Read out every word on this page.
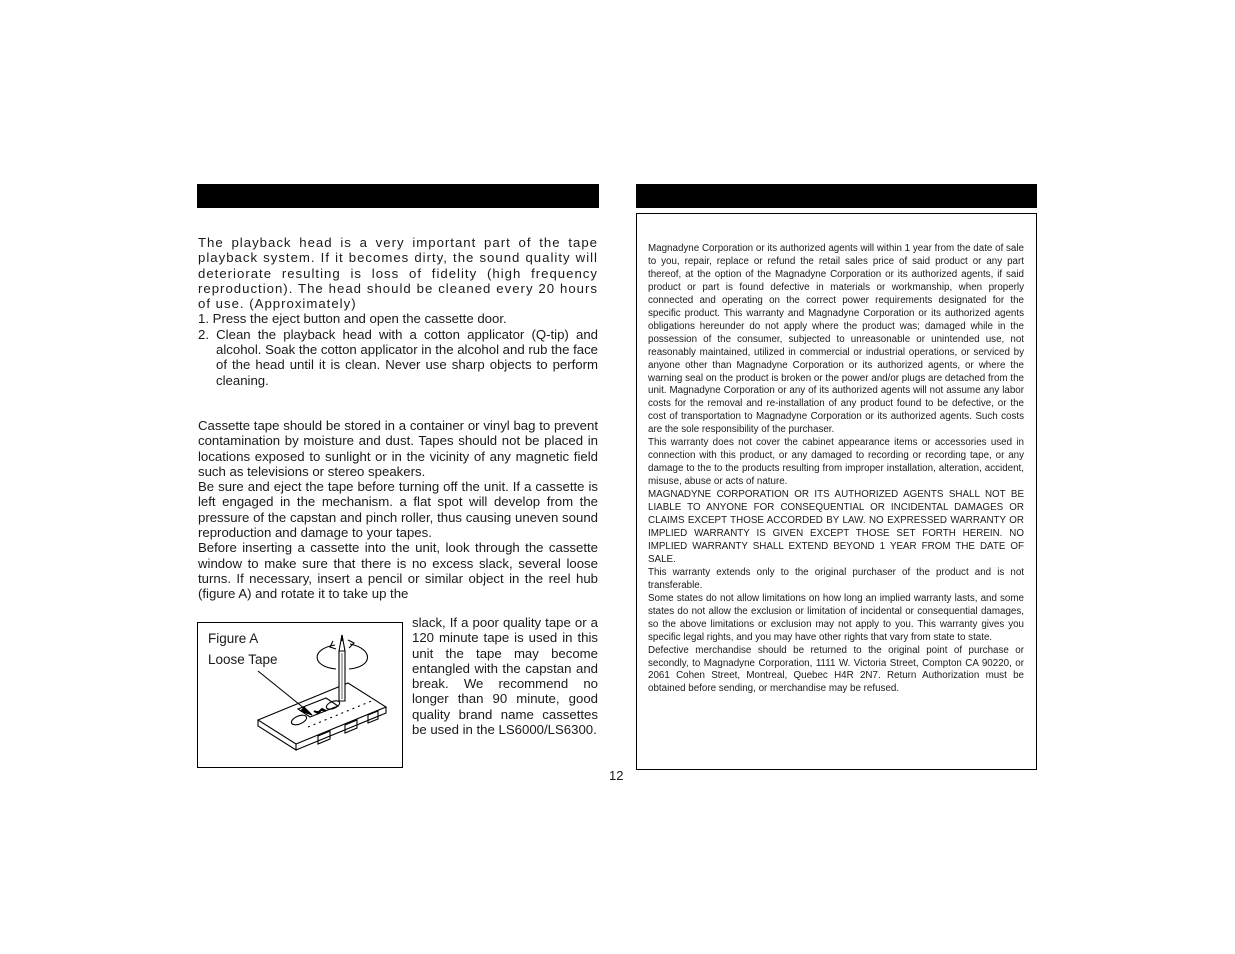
The playback head is a very important part of the tape playback system. If it becomes dirty, the sound quality will deteriorate resulting is loss of fidelity (high frequency reproduction). The head should be cleaned every 20 hours of use. (Approximately)

1. Press the eject button and open the cassette door.

2. Clean the playback head with a cotton applicator (Q-tip) and alcohol. Soak the cotton applicator in the alcohol and rub the face of the head until it is clean. Never use sharp objects to perform cleaning.

Cassette tape should be stored in a container or vinyl bag to prevent contamination by moisture and dust. Tapes should not be placed in locations exposed to sunlight or in the vicinity of any magnetic field such as televisions or stereo speakers.

Be sure and eject the tape before turning off the unit. If a cassette is left engaged in the mechanism. a flat spot will develop from the pressure of the capstan and pinch roller, thus causing uneven sound reproduction and damage to your tapes.

Before inserting a cassette into the unit, look through the cassette window to make sure that there is no excess slack, several loose turns. If necessary, insert a pencil or similar object in the reel hub (figure A) and rotate it to take up the

Figure A
Loose Tape

slack, If a poor quality tape or a 120 minute tape is used in this unit the tape may become entangled with the capstan and break. We recommend no longer than 90 minute, good quality brand name cassettes be used in the LS6000/LS6300.

12

Magnadyne Corporation or its authorized agents will within 1 year from the date of sale to you, repair, replace or refund the retail sales price of said product or any part thereof, at the option of the Magnadyne Corporation or its authorized agents, if said product or part is found defective in materials or workmanship, when properly connected and operating on the correct power requirements designated for the specific product. This warranty and Magnadyne Corporation or its authorized agents obligations hereunder do not apply where the product was; damaged while in the possession of the consumer, subjected to unreasonable or unintended use, not reasonably maintained, utilized in commercial or industrial operations, or serviced by anyone other than Magnadyne Corporation or its authorized agents, or where the warning seal on the product is broken or the power and/or plugs are detached from the unit. Magnadyne Corporation or any of its authorized agents will not assume any labor costs for the removal and re-installation of any product found to be defective, or the cost of transportation to Magnadyne Corporation or its authorized agents. Such costs are the sole responsibility of the purchaser.

This warranty does not cover the cabinet appearance items or accessories used in connection with this product, or any damaged to recording or recording tape, or any damage to the to the products resulting from improper installation, alteration, accident, misuse, abuse or acts of nature.

MAGNADYNE CORPORATION OR ITS AUTHORIZED AGENTS SHALL NOT BE LIABLE TO ANYONE FOR CONSEQUENTIAL OR INCIDENTAL DAMAGES OR CLAIMS EXCEPT THOSE ACCORDED BY LAW. NO EXPRESSED WARRANTY OR IMPLIED WARRANTY IS GIVEN EXCEPT THOSE SET FORTH HEREIN. NO IMPLIED WARRANTY SHALL EXTEND BEYOND 1 YEAR FROM THE DATE OF SALE.

This warranty extends only to the original purchaser of the product and is not transferable.

Some states do not allow limitations on how long an implied warranty lasts, and some states do not allow the exclusion or limitation of incidental or consequential damages, so the above limitations or exclusion may not apply to you. This warranty gives you specific legal rights, and you may have other rights that vary from state to state.

Defective merchandise should be returned to the original point of purchase or secondly, to Magnadyne Corporation, 1111 W. Victoria Street, Compton CA 90220, or 2061 Cohen Street, Montreal, Quebec H4R 2N7. Return Authorization must be obtained before sending, or merchandise may be refused.
